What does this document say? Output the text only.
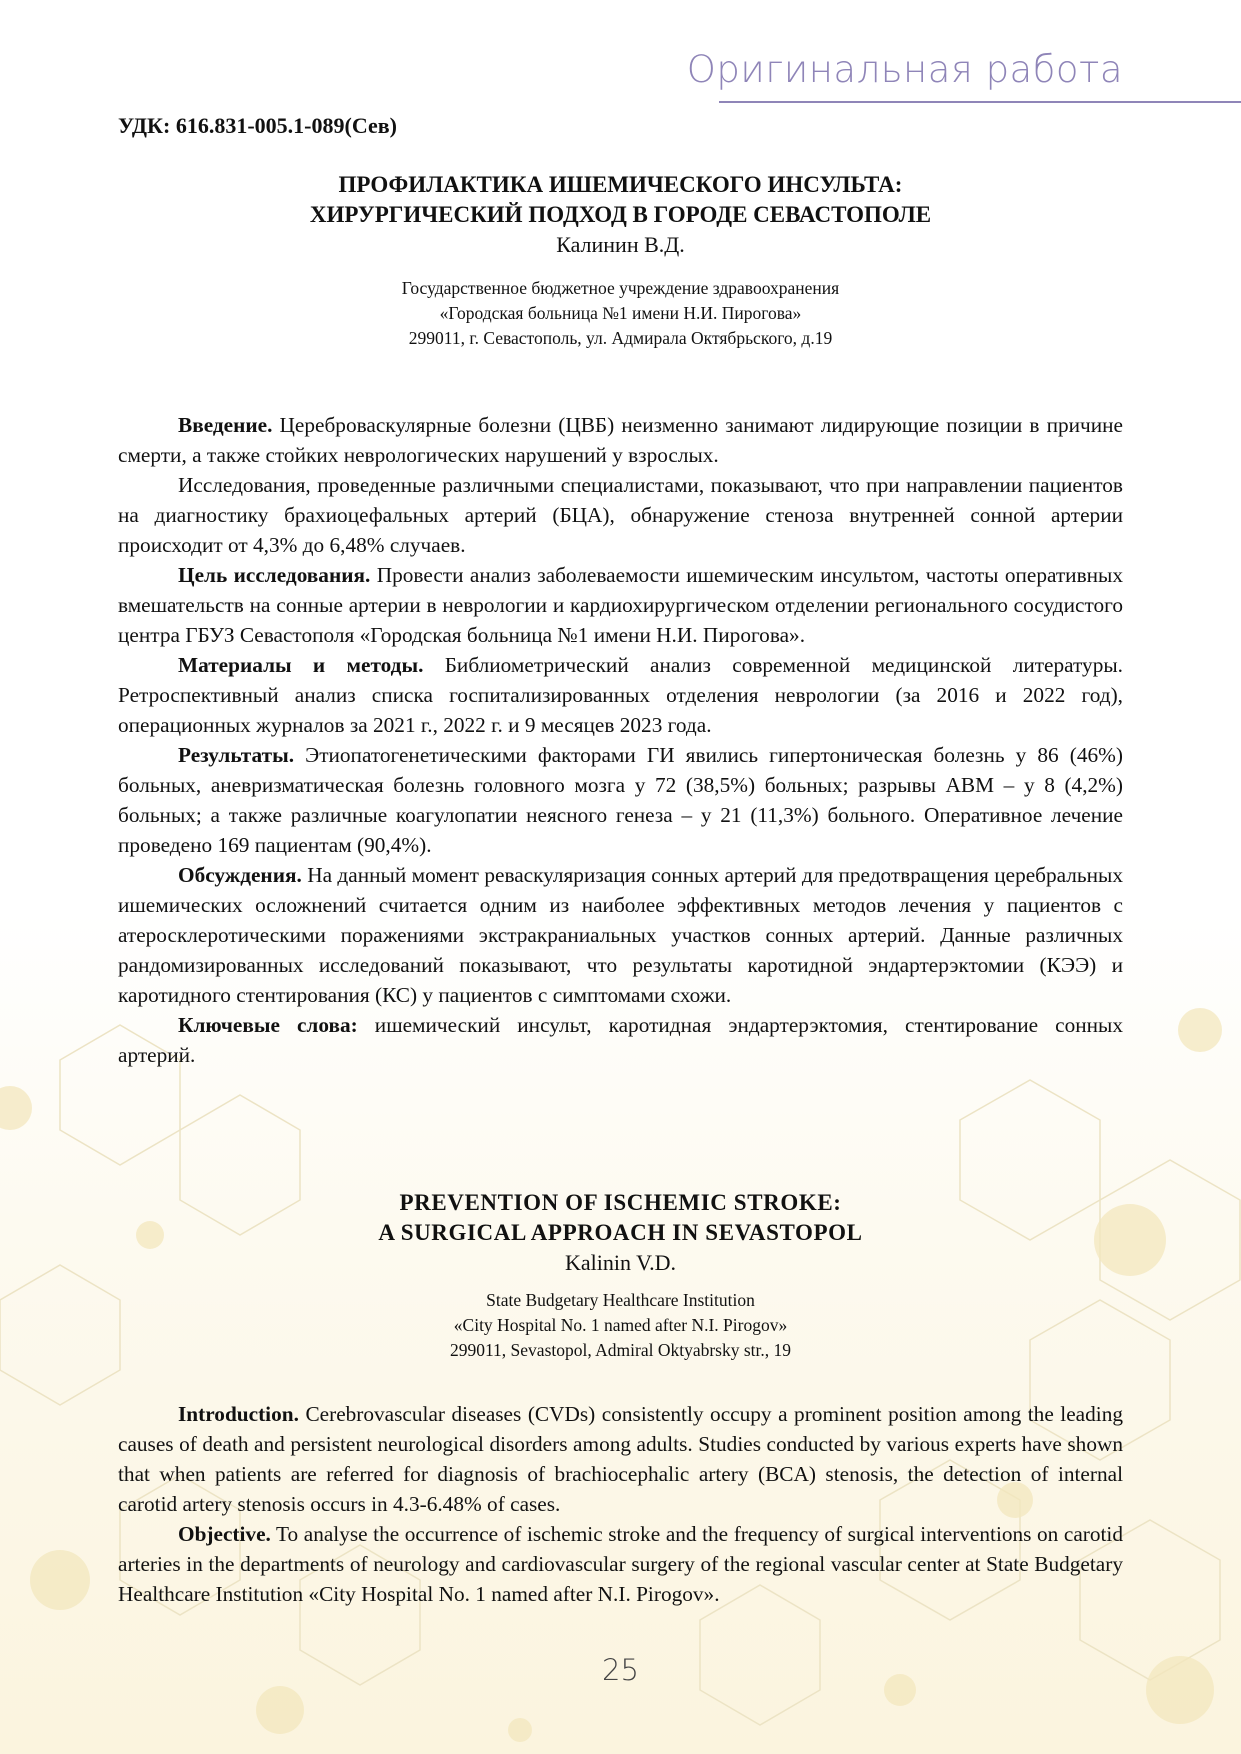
Оригинальная работа
УДК: 616.831-005.1-089(Сев)
ПРОФИЛАКТИКА ИШЕМИЧЕСКОГО ИНСУЛЬТА:
ХИРУРГИЧЕСКИЙ ПОДХОД В ГОРОДЕ СЕВАСТОПОЛЕ
Калинин В.Д.
Государственное бюджетное учреждение здравоохранения
«Городская больница №1 имени Н.И. Пирогова»
299011, г. Севастополь, ул. Адмирала Октябрьского, д.19

Введение. Цереброваскулярные болезни (ЦВБ) неизменно занимают лидирующие позиции в причине смерти, а также стойких неврологических нарушений у взрослых.

Исследования, проведенные различными специалистами, показывают, что при направлении пациентов на диагностику брахиоцефальных артерий (БЦА), обнаружение стеноза внутренней сонной артерии происходит от 4,3% до 6,48% случаев.

Цель исследования. Провести анализ заболеваемости ишемическим инсультом, частоты оперативных вмешательств на сонные артерии в неврологии и кардиохирургическом отделении регионального сосудистого центра ГБУЗ Севастополя «Городская больница №1 имени Н.И. Пирогова».

Материалы и методы. Библиометрический анализ современной медицинской литературы. Ретроспективный анализ списка госпитализированных отделения неврологии (за 2016 и 2022 год), операционных журналов за 2021 г., 2022 г. и 9 месяцев 2023 года.

Результаты. Этиопатогенетическими факторами ГИ явились гипертоническая болезнь у 86 (46%) больных, аневризматическая болезнь головного мозга у 72 (38,5%) больных; разрывы АВМ – у 8 (4,2%) больных; а также различные коагулопатии неясного генеза – у 21 (11,3%) больного. Оперативное лечение проведено 169 пациентам (90,4%).

Обсуждения. На данный момент реваскуляризация сонных артерий для предотвращения церебральных ишемических осложнений считается одним из наиболее эффективных методов лечения у пациентов с атеросклеротическими поражениями экстракраниальных участков сонных артерий. Данные различных рандомизированных исследований показывают, что результаты каротидной эндартерэктомии (КЭЭ) и каротидного стентирования (КС) у пациентов с симптомами схожи.

Ключевые слова: ишемический инсульт, каротидная эндартерэктомия, стентирование сонных артерий.

PREVENTION OF ISCHEMIC STROKE:
A SURGICAL APPROACH IN SEVASTOPOL
Kalinin V.D.
State Budgetary Healthcare Institution
«City Hospital No. 1 named after N.I. Pirogov»
299011, Sevastopol, Admiral Oktyabrsky str., 19

Introduction. Cerebrovascular diseases (CVDs) consistently occupy a prominent position among the leading causes of death and persistent neurological disorders among adults. Studies conducted by various experts have shown that when patients are referred for diagnosis of brachiocephalic artery (BCA) stenosis, the detection of internal carotid artery stenosis occurs in 4.3-6.48% of cases.

Objective. To analyse the occurrence of ischemic stroke and the frequency of surgical interventions on carotid arteries in the departments of neurology and cardiovascular surgery of the regional vascular center at State Budgetary Healthcare Institution «City Hospital No. 1 named after N.I. Pirogov».

25
